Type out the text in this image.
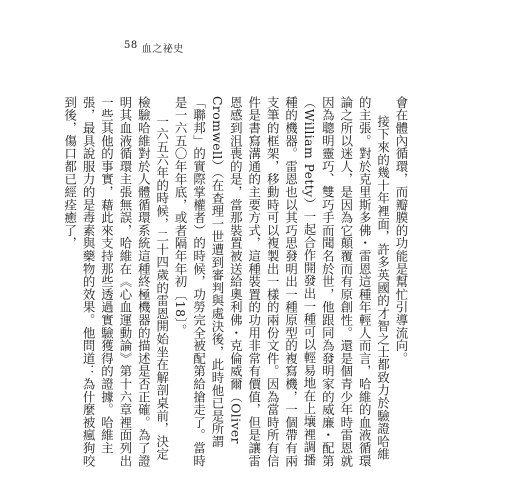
58 血之祕史

會在體內循環，而瓣膜的功能是幫忙引導流向。

接下來的幾十年裡面，許多英國的才智之士都致力於驗證哈維的主張。對於克里斯多佛・雷恩這種年輕人而言，哈維的血液循環論之所以迷人，是因為它顛覆而有原創性。還是個青少年時雷恩就因為聰明靈巧、雙巧手而聞名於世，他跟同為發明家的威廉・配第（William Petty）一起合作開發出一種可以輕易地在上壤裡調播種的機器。雷恩也以其巧思發明出一種原型的複寫機，一個帶有兩支筆的框架，移動時可以複製出一樣的兩份文件。因為當時所有信件是書寫溝通的主要方式，這種裝置的功用非常有價值，但是讓雷恩感到沮喪的是，當那裝置被送給奧利佛・克倫威爾（Oliver Cromwell）（在查理一世遭到審判與處決後，此時他已是所謂「聯邦」的實際掌權者）的時候，功勞完全被配第給搶走了。當時是一六五〇年年底，或者隔年年初〔18〕。

一六五六年的時候，二十四歲的雷恩開始坐在解剖桌前，決定檢驗哈維對於人體循環系統這種終極機器的描述是否正確。為了證明其血液循環主張無誤，哈維在《心血運動論》第十六章裡面列出一些其他的事實，藉此來支持那些透過實驗獲得的證據。哈維主張，最具說服力的是毒素與藥物的效果。他問道：為什麼被瘋狗咬到後，傷口都已經痊癒了，
